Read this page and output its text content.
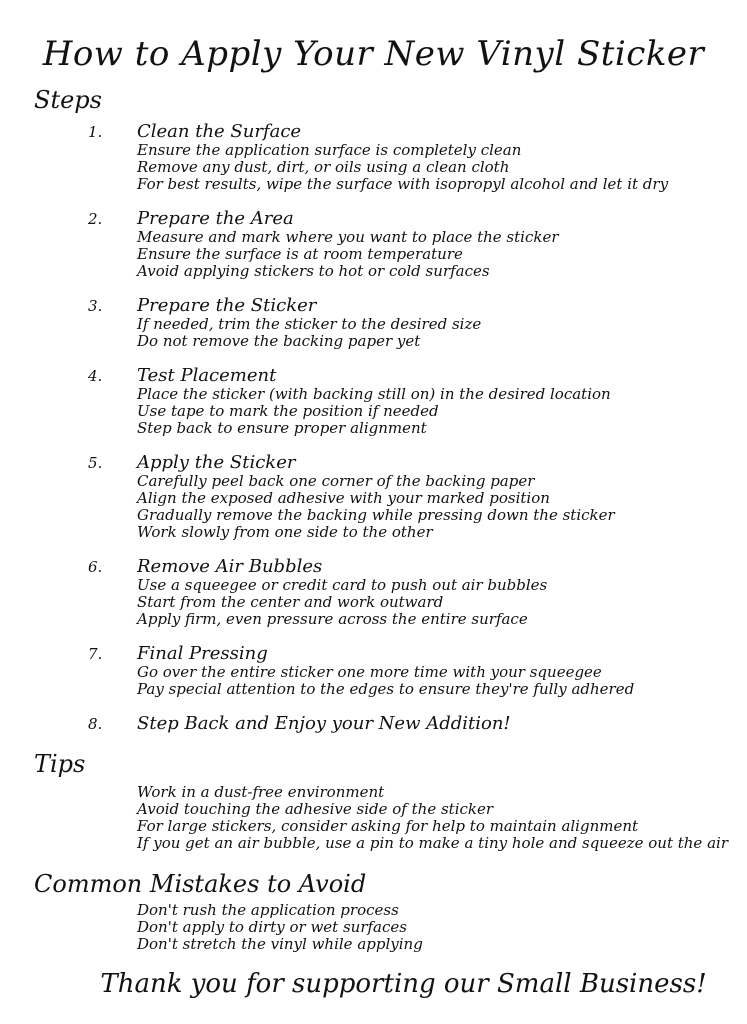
How to Apply Your New Vinyl Sticker
Steps
1.	Clean the Surface
Ensure the application surface is completely clean
Remove any dust, dirt, or oils using a clean cloth
For best results, wipe the surface with isopropyl alcohol and let it dry
2.	Prepare the Area
Measure and mark where you want to place the sticker
Ensure the surface is at room temperature
Avoid applying stickers to hot or cold surfaces
3.	Prepare the Sticker
If needed, trim the sticker to the desired size
Do not remove the backing paper yet
4.	Test Placement
Place the sticker (with backing still on) in the desired location
Use tape to mark the position if needed
Step back to ensure proper alignment
5.	Apply the Sticker
Carefully peel back one corner of the backing paper
Align the exposed adhesive with your marked position
Gradually remove the backing while pressing down the sticker
Work slowly from one side to the other
6.	Remove Air Bubbles
Use a squeegee or credit card to push out air bubbles
Start from the center and work outward
Apply firm, even pressure across the entire surface
7.	Final Pressing
Go over the entire sticker one more time with your squeegee
Pay special attention to the edges to ensure they're fully adhered
8.	Step Back and Enjoy your New Addition!
Tips
Work in a dust-free environment
Avoid touching the adhesive side of the sticker
For large stickers, consider asking for help to maintain alignment
If you get an air bubble, use a pin to make a tiny hole and squeeze out the air
Common Mistakes to Avoid
Don't rush the application process
Don't apply to dirty or wet surfaces
Don't stretch the vinyl while applying

Thank you for supporting our Small Business!
